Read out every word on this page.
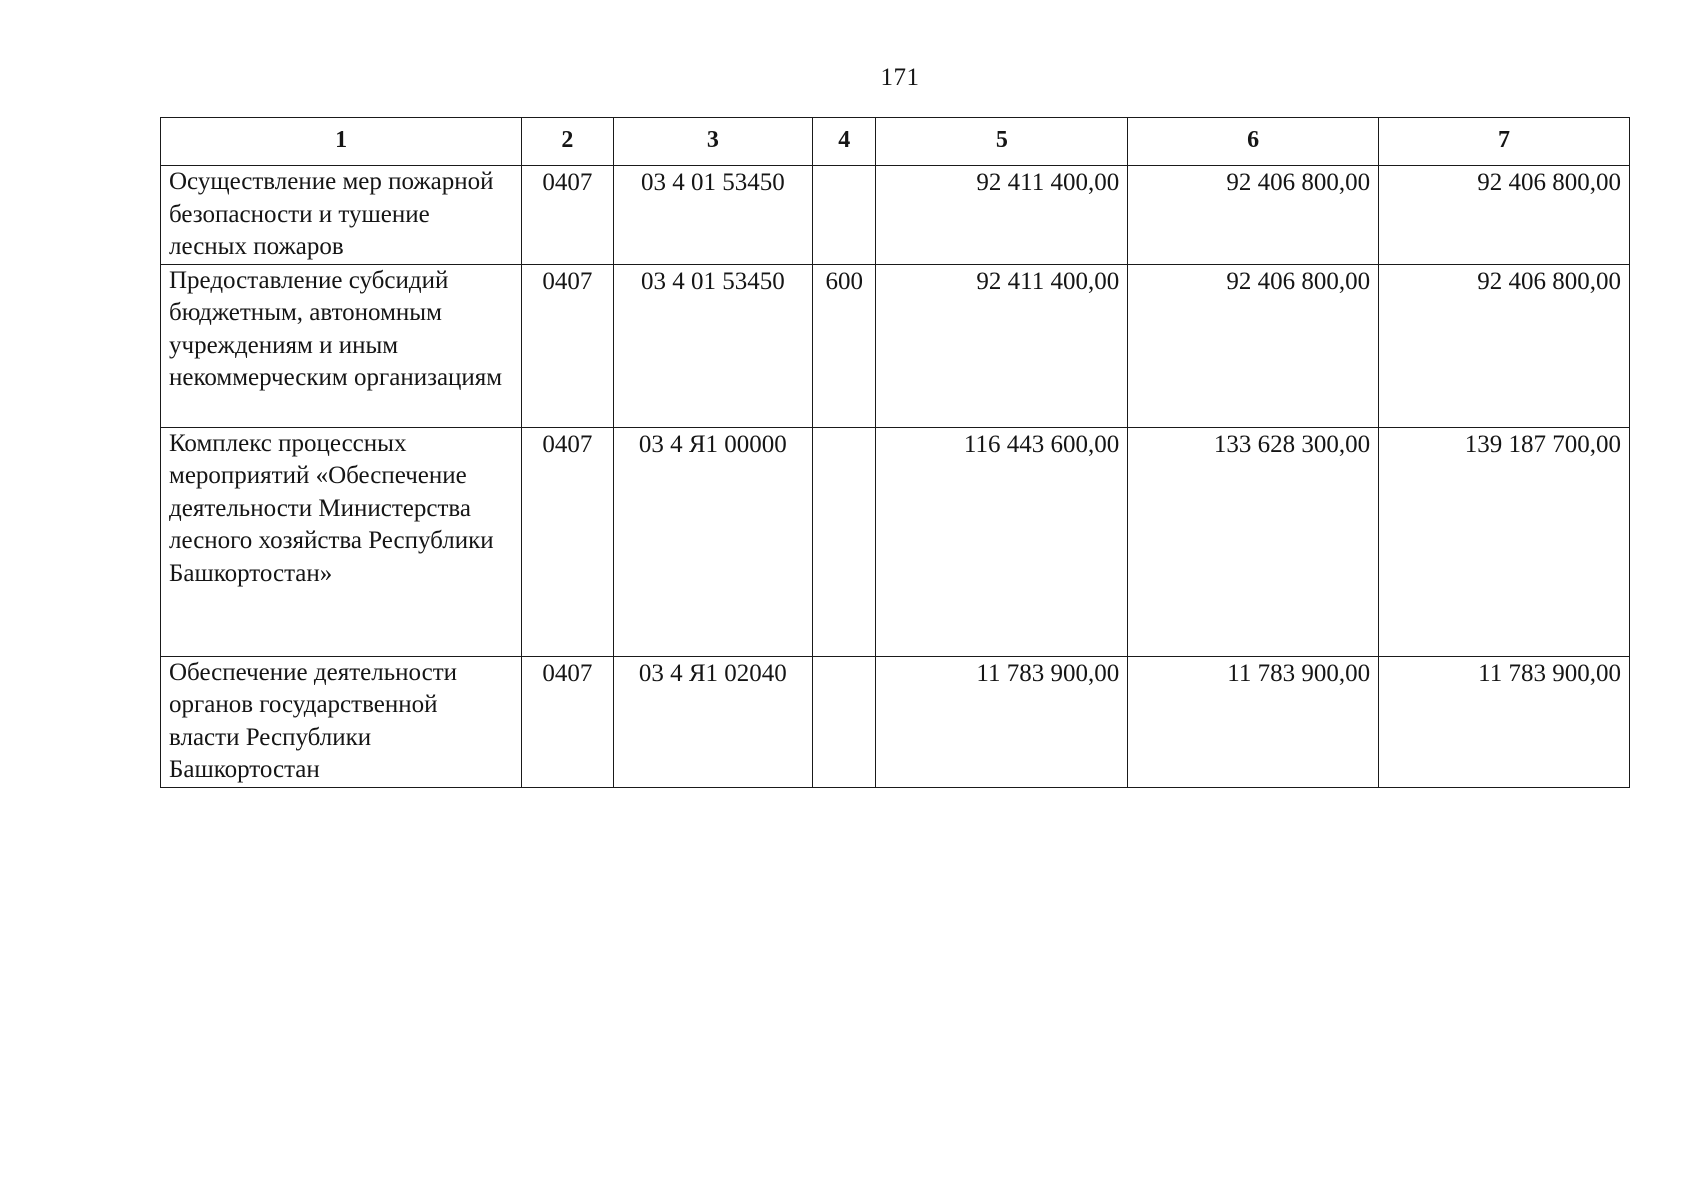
171
1	2	3	4	5	6	7
Осуществление мер пожарной безопасности и тушение лесных пожаров	0407	03 4 01 53450		92 411 400,00	92 406 800,00	92 406 800,00

Предоставление субсидий бюджетным, автономным учреждениям и иным некоммерческим организациям	0407	03 4 01 53450	600	92 411 400,00	92 406 800,00	92 406 800,00

Комплекс процессных мероприятий «Обеспечение деятельности Министерства лесного хозяйства Республики Башкортостан»	0407	03 4 Я1 00000		116 443 600,00	133 628 300,00	139 187 700,00

Обеспечение деятельности органов государственной власти Республики Башкортостан	0407	03 4 Я1 02040		11 783 900,00	11 783 900,00	11 783 900,00
